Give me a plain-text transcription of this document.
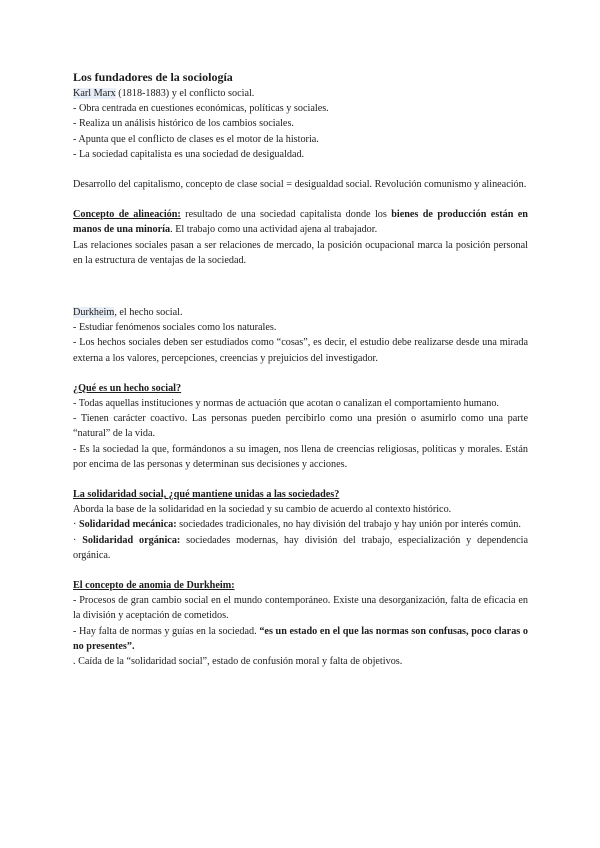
Los fundadores de la sociología

Karl Marx (1818-1883) y el conflicto social.

- Obra centrada en cuestiones económicas, políticas y sociales.

- Realiza un análisis histórico de los cambios sociales.

- Apunta que el conflicto de clases es el motor de la historia.

- La sociedad capitalista es una sociedad de desigualdad.

Desarrollo del capitalismo, concepto de clase social = desigualdad social. Revolución comunismo y alineación.

Concepto de alineación: resultado de una sociedad capitalista donde los bienes de producción están en manos de una minoría. El trabajo como una actividad ajena al trabajador.

Las relaciones sociales pasan a ser relaciones de mercado, la posición ocupacional marca la posición personal en la estructura de ventajas de la sociedad.

Durkheim, el hecho social.

- Estudiar fenómenos sociales como los naturales.

- Los hechos sociales deben ser estudiados como “cosas”, es decir, el estudio debe realizarse desde una mirada externa a los valores, percepciones, creencias y prejuicios del investigador.

¿Qué es un hecho social?

- Todas aquellas instituciones y normas de actuación que acotan o canalizan el comportamiento humano.

- Tienen carácter coactivo. Las personas pueden percibirlo como una presión o asumirlo como una parte “natural” de la vida.

- Es la sociedad la que, formándonos a su imagen, nos llena de creencias religiosas, políticas y morales. Están por encima de las personas y determinan sus decisiones y acciones.

La solidaridad social, ¿qué mantiene unidas a las sociedades?

Aborda la base de la solidaridad en la sociedad y su cambio de acuerdo al contexto histórico.

· Solidaridad mecánica: sociedades tradicionales, no hay división del trabajo y hay unión por interés común.

· Solidaridad orgánica: sociedades modernas, hay división del trabajo, especialización y dependencia orgánica.

El concepto de anomia de Durkheim:

- Procesos de gran cambio social en el mundo contemporáneo. Existe una desorganización, falta de eficacia en la división y aceptación de cometidos.

- Hay falta de normas y guías en la sociedad. “es un estado en el que las normas son confusas, poco claras o no presentes”.

. Caída de la “solidaridad social”, estado de confusión moral y falta de objetivos.
